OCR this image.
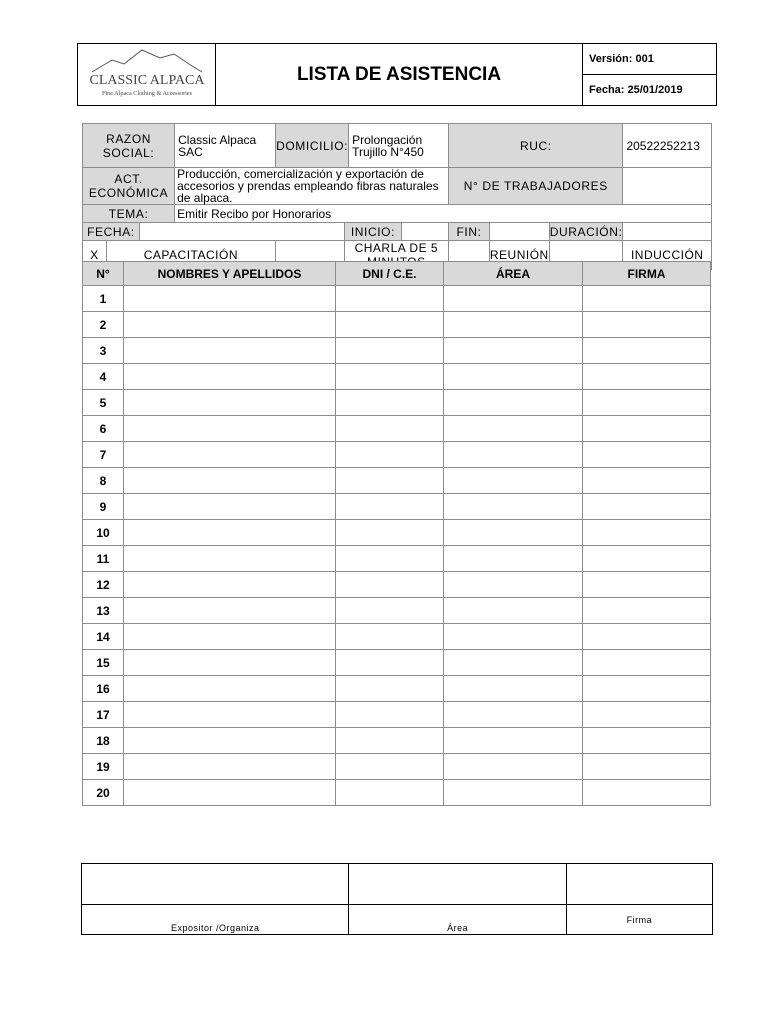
CLASSIC ALPACA
Fine Alpaca Clothing & Accessories
	LISTA DE ASISTENCIA	Versión: 001
Fecha: 25/01/2019
RAZON SOCIAL:			Classic Alpaca SAC	DOMICILIO:		Prolongación Trujillo N°450		RUC:			20522252213
ACT. ECONÓMICA			Producción, comercialización y exportación de accesorios y prendas empleando fibras naturales de alpaca.					N° DE TRABAJADORES			
TEMA:			Emitir Recibo por Honorarios								
FECHA:					INICIO:			FIN:		DURACIÓN:	
X	CAPACITACIÓN				CHARLA DE 5				REUNIÓN		INDUCCIÓN
N°	NOMBRES Y APELLIDOS	DNI / C.E.	ÁREA	FIRMA
1				
2				
3				
4				
5				
6				
7				
8				
9				
10				
11				
12				
13				
14				
15				
16				
17				
18				
19				
20				

Expositor /Organiza	Área	Firma
